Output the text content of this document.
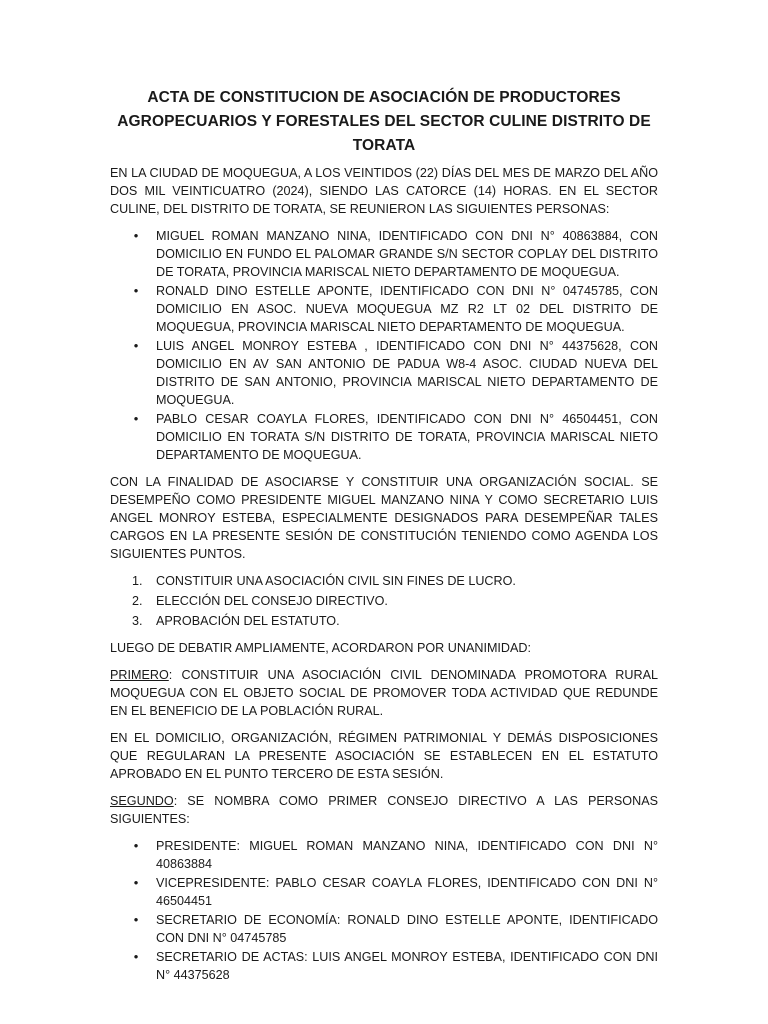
ACTA DE CONSTITUCION DE ASOCIACIÓN DE PRODUCTORES AGROPECUARIOS Y FORESTALES DEL SECTOR CULINE DISTRITO DE TORATA

EN LA CIUDAD DE MOQUEGUA, A LOS VEINTIDOS (22) DÍAS DEL MES DE MARZO DEL AÑO DOS MIL VEINTICUATRO (2024), SIENDO LAS CATORCE (14) HORAS. EN EL SECTOR CULINE, DEL DISTRITO DE TORATA, SE REUNIERON LAS SIGUIENTES PERSONAS:

• MIGUEL ROMAN MANZANO NINA, IDENTIFICADO CON DNI N° 40863884, CON DOMICILIO EN FUNDO EL PALOMAR GRANDE S/N SECTOR COPLAY DEL DISTRITO DE TORATA, PROVINCIA MARISCAL NIETO DEPARTAMENTO DE MOQUEGUA.
• RONALD DINO ESTELLE APONTE, IDENTIFICADO CON DNI N° 04745785, CON DOMICILIO EN ASOC. NUEVA MOQUEGUA MZ R2 LT 02 DEL DISTRITO DE MOQUEGUA, PROVINCIA MARISCAL NIETO DEPARTAMENTO DE MOQUEGUA.
• LUIS ANGEL MONROY ESTEBA , IDENTIFICADO CON DNI N° 44375628, CON DOMICILIO EN AV SAN ANTONIO DE PADUA W8-4 ASOC. CIUDAD NUEVA DEL DISTRITO DE SAN ANTONIO, PROVINCIA MARISCAL NIETO DEPARTAMENTO DE MOQUEGUA.
• PABLO CESAR COAYLA FLORES, IDENTIFICADO CON DNI N° 46504451, CON DOMICILIO EN TORATA S/N DISTRITO DE TORATA, PROVINCIA MARISCAL NIETO DEPARTAMENTO DE MOQUEGUA.

CON LA FINALIDAD DE ASOCIARSE Y CONSTITUIR UNA ORGANIZACIÓN SOCIAL. SE DESEMPEÑO COMO PRESIDENTE MIGUEL MANZANO NINA Y COMO SECRETARIO LUIS ANGEL MONROY ESTEBA, ESPECIALMENTE DESIGNADOS PARA DESEMPEÑAR TALES CARGOS EN LA PRESENTE SESIÓN DE CONSTITUCIÓN TENIENDO COMO AGENDA LOS SIGUIENTES PUNTOS.

1. CONSTITUIR UNA ASOCIACIÓN CIVIL SIN FINES DE LUCRO.
2. ELECCIÓN DEL CONSEJO DIRECTIVO.
3. APROBACIÓN DEL ESTATUTO.

LUEGO DE DEBATIR AMPLIAMENTE, ACORDARON POR UNANIMIDAD:

PRIMERO: CONSTITUIR UNA ASOCIACIÓN CIVIL DENOMINADA PROMOTORA RURAL MOQUEGUA CON EL OBJETO SOCIAL DE PROMOVER TODA ACTIVIDAD QUE REDUNDE EN EL BENEFICIO DE LA POBLACIÓN RURAL.

EN EL DOMICILIO, ORGANIZACIÓN, RÉGIMEN PATRIMONIAL Y DEMÁS DISPOSICIONES QUE REGULARAN LA PRESENTE ASOCIACIÓN SE ESTABLECEN EN EL ESTATUTO APROBADO EN EL PUNTO TERCERO DE ESTA SESIÓN.

SEGUNDO: SE NOMBRA COMO PRIMER CONSEJO DIRECTIVO A LAS PERSONAS SIGUIENTES:

• PRESIDENTE: MIGUEL ROMAN MANZANO NINA, IDENTIFICADO CON DNI N° 40863884
• VICEPRESIDENTE: PABLO CESAR COAYLA FLORES, IDENTIFICADO CON DNI N° 46504451
• SECRETARIO DE ECONOMÍA: RONALD DINO ESTELLE APONTE, IDENTIFICADO CON DNI N° 04745785
• SECRETARIO DE ACTAS: LUIS ANGEL MONROY ESTEBA, IDENTIFICADO CON DNI N° 44375628
